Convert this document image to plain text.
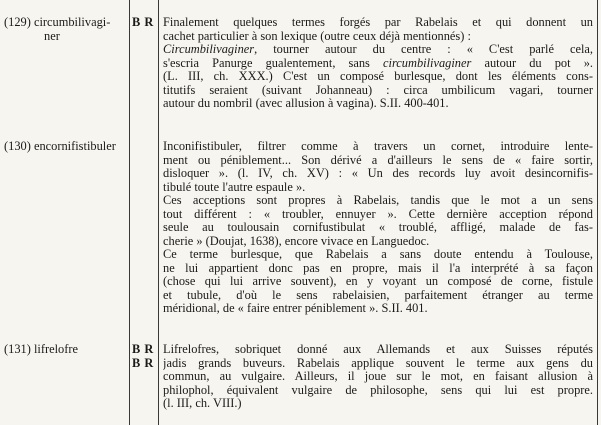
(129) circumbilivagi-
ner
B R Finalement quelques termes forgés par Rabelais et qui donnent un
cachet particulier à son lexique (outre ceux déjà mentionnés) :
Circumbilivaginer, tourner autour du centre : « C'est parlé cela,
s'escria Panurge gualentement, sans circumbilivaginer autour du pot ».
(L. III, ch. XXX.) C'est un composé burlesque, dont les éléments cons-
titutifs seraient (suivant Johanneau) : circa umbilicum vagari, tourner
autour du nombril (avec allusion à vagina). S.II. 400-401.
(130) encornifistibuler	Inconifistibuler, filtrer comme à travers un cornet, introduire lente-
ment ou péniblement... Son dérivé a d'ailleurs le sens de « faire sortir,
disloquer ». (l. IV, ch. XV) : « Un des records luy avoit desincornifis-
tibulé toute l'autre espaule ».
Ces acceptions sont propres à Rabelais, tandis que le mot a un sens
tout différent : « troubler, ennuyer ». Cette dernière acception répond
seule au toulousain cornifustibulat « troublé, affligé, malade de fas-
cherie » (Doujat, 1638), encore vivace en Languedoc.
Ce terme burlesque, que Rabelais a sans doute entendu à Toulouse,
ne lui appartient donc pas en propre, mais il l'a interprété à sa façon
(chose qui lui arrive souvent), en y voyant un composé de corne, fistule
et tubule, d'où le sens rabelaisien, parfaitement étranger au terme
méridional, de « faire entrer péniblement ». S.II. 401.
(131) lifrelofre	B R
B R
Lifrelofres, sobriquet donné aux Allemands et aux Suisses réputés
jadis grands buveurs. Rabelais applique souvent le terme aux gens du
commun, au vulgaire. Ailleurs, il joue sur le mot, en faisant allusion à
philophol, équivalent vulgaire de philosophe, sens qui lui est propre.
(l. III, ch. VIII.)
